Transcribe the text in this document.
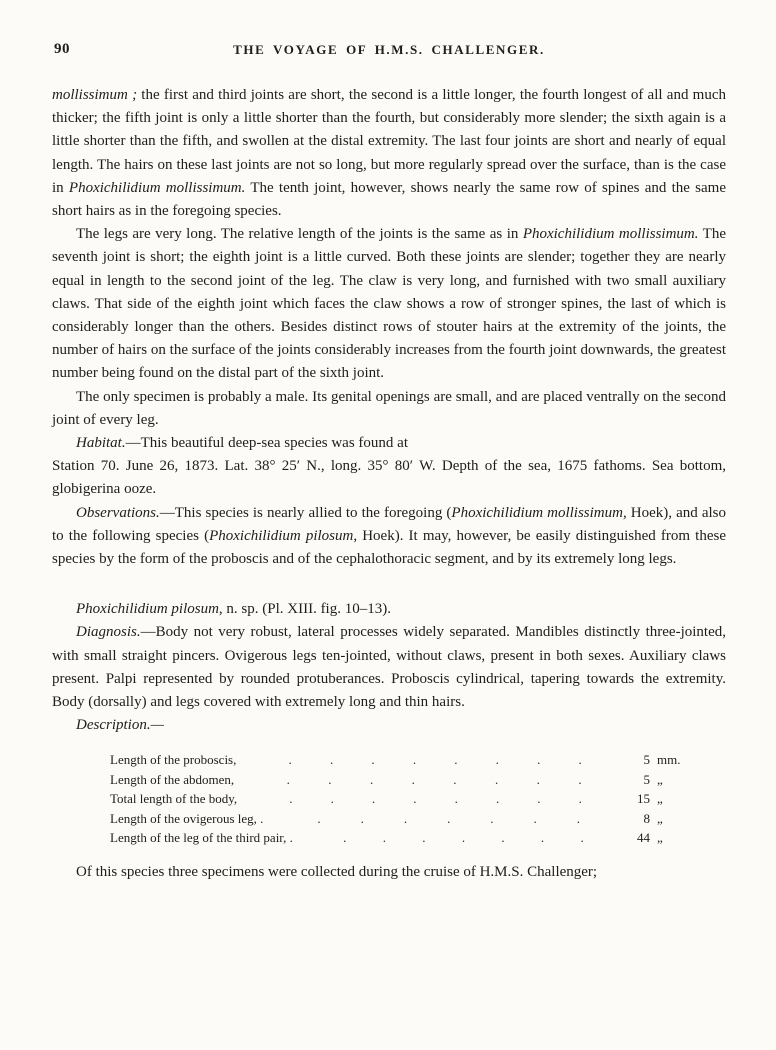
90	THE VOYAGE OF H.M.S. CHALLENGER.

mollissimum ; the first and third joints are short, the second is a little longer, the fourth longest of all and much thicker; the fifth joint is only a little shorter than the fourth, but considerably more slender; the sixth again is a little shorter than the fifth, and swollen at the distal extremity. The last four joints are short and nearly of equal length. The hairs on these last joints are not so long, but more regularly spread over the surface, than is the case in Phoxichilidium mollissimum. The tenth joint, however, shows nearly the same row of spines and the same short hairs as in the foregoing species.

The legs are very long. The relative length of the joints is the same as in Phoxichilidium mollissimum. The seventh joint is short; the eighth joint is a little curved. Both these joints are slender; together they are nearly equal in length to the second joint of the leg. The claw is very long, and furnished with two small auxiliary claws. That side of the eighth joint which faces the claw shows a row of stronger spines, the last of which is considerably longer than the others. Besides distinct rows of stouter hairs at the extremity of the joints, the number of hairs on the surface of the joints considerably increases from the fourth joint downwards, the greatest number being found on the distal part of the sixth joint.

The only specimen is probably a male. Its genital openings are small, and are placed ventrally on the second joint of every leg.

Habitat.—This beautiful deep-sea species was found at

Station 70. June 26, 1873. Lat. 38° 25′ N., long. 35° 80′ W. Depth of the sea, 1675 fathoms. Sea bottom, globigerina ooze.

Observations.—This species is nearly allied to the foregoing (Phoxichilidium mollissimum, Hoek), and also to the following species (Phoxichilidium pilosum, Hoek). It may, however, be easily distinguished from these species by the form of the proboscis and of the cephalothoracic segment, and by its extremely long legs.

Phoxichilidium pilosum, n. sp. (Pl. XIII. fig. 10–13).

Diagnosis.—Body not very robust, lateral processes widely separated. Mandibles distinctly three-jointed, with small straight pincers. Ovigerous legs ten-jointed, without claws, present in both sexes. Auxiliary claws present. Palpi represented by rounded protuberances. Proboscis cylindrical, tapering towards the extremity. Body (dorsally) and legs covered with extremely long and thin hairs.

Description.—

Length of the proboscis,	.	.	.	.	.	.	.	.	5 mm.
Length of the abdomen,	.	.	.	.	.	.	.	.	5 „
Total length of the body,	.	.	.	.	.	.	.	.	15 „
Length of the ovigerous leg, .	.	.	.	.	.	.	.	8 „
Length of the leg of the third pair, .	.	.	.	.	.	.	.	44 „

Of this species three specimens were collected during the cruise of H.M.S. Challenger;
